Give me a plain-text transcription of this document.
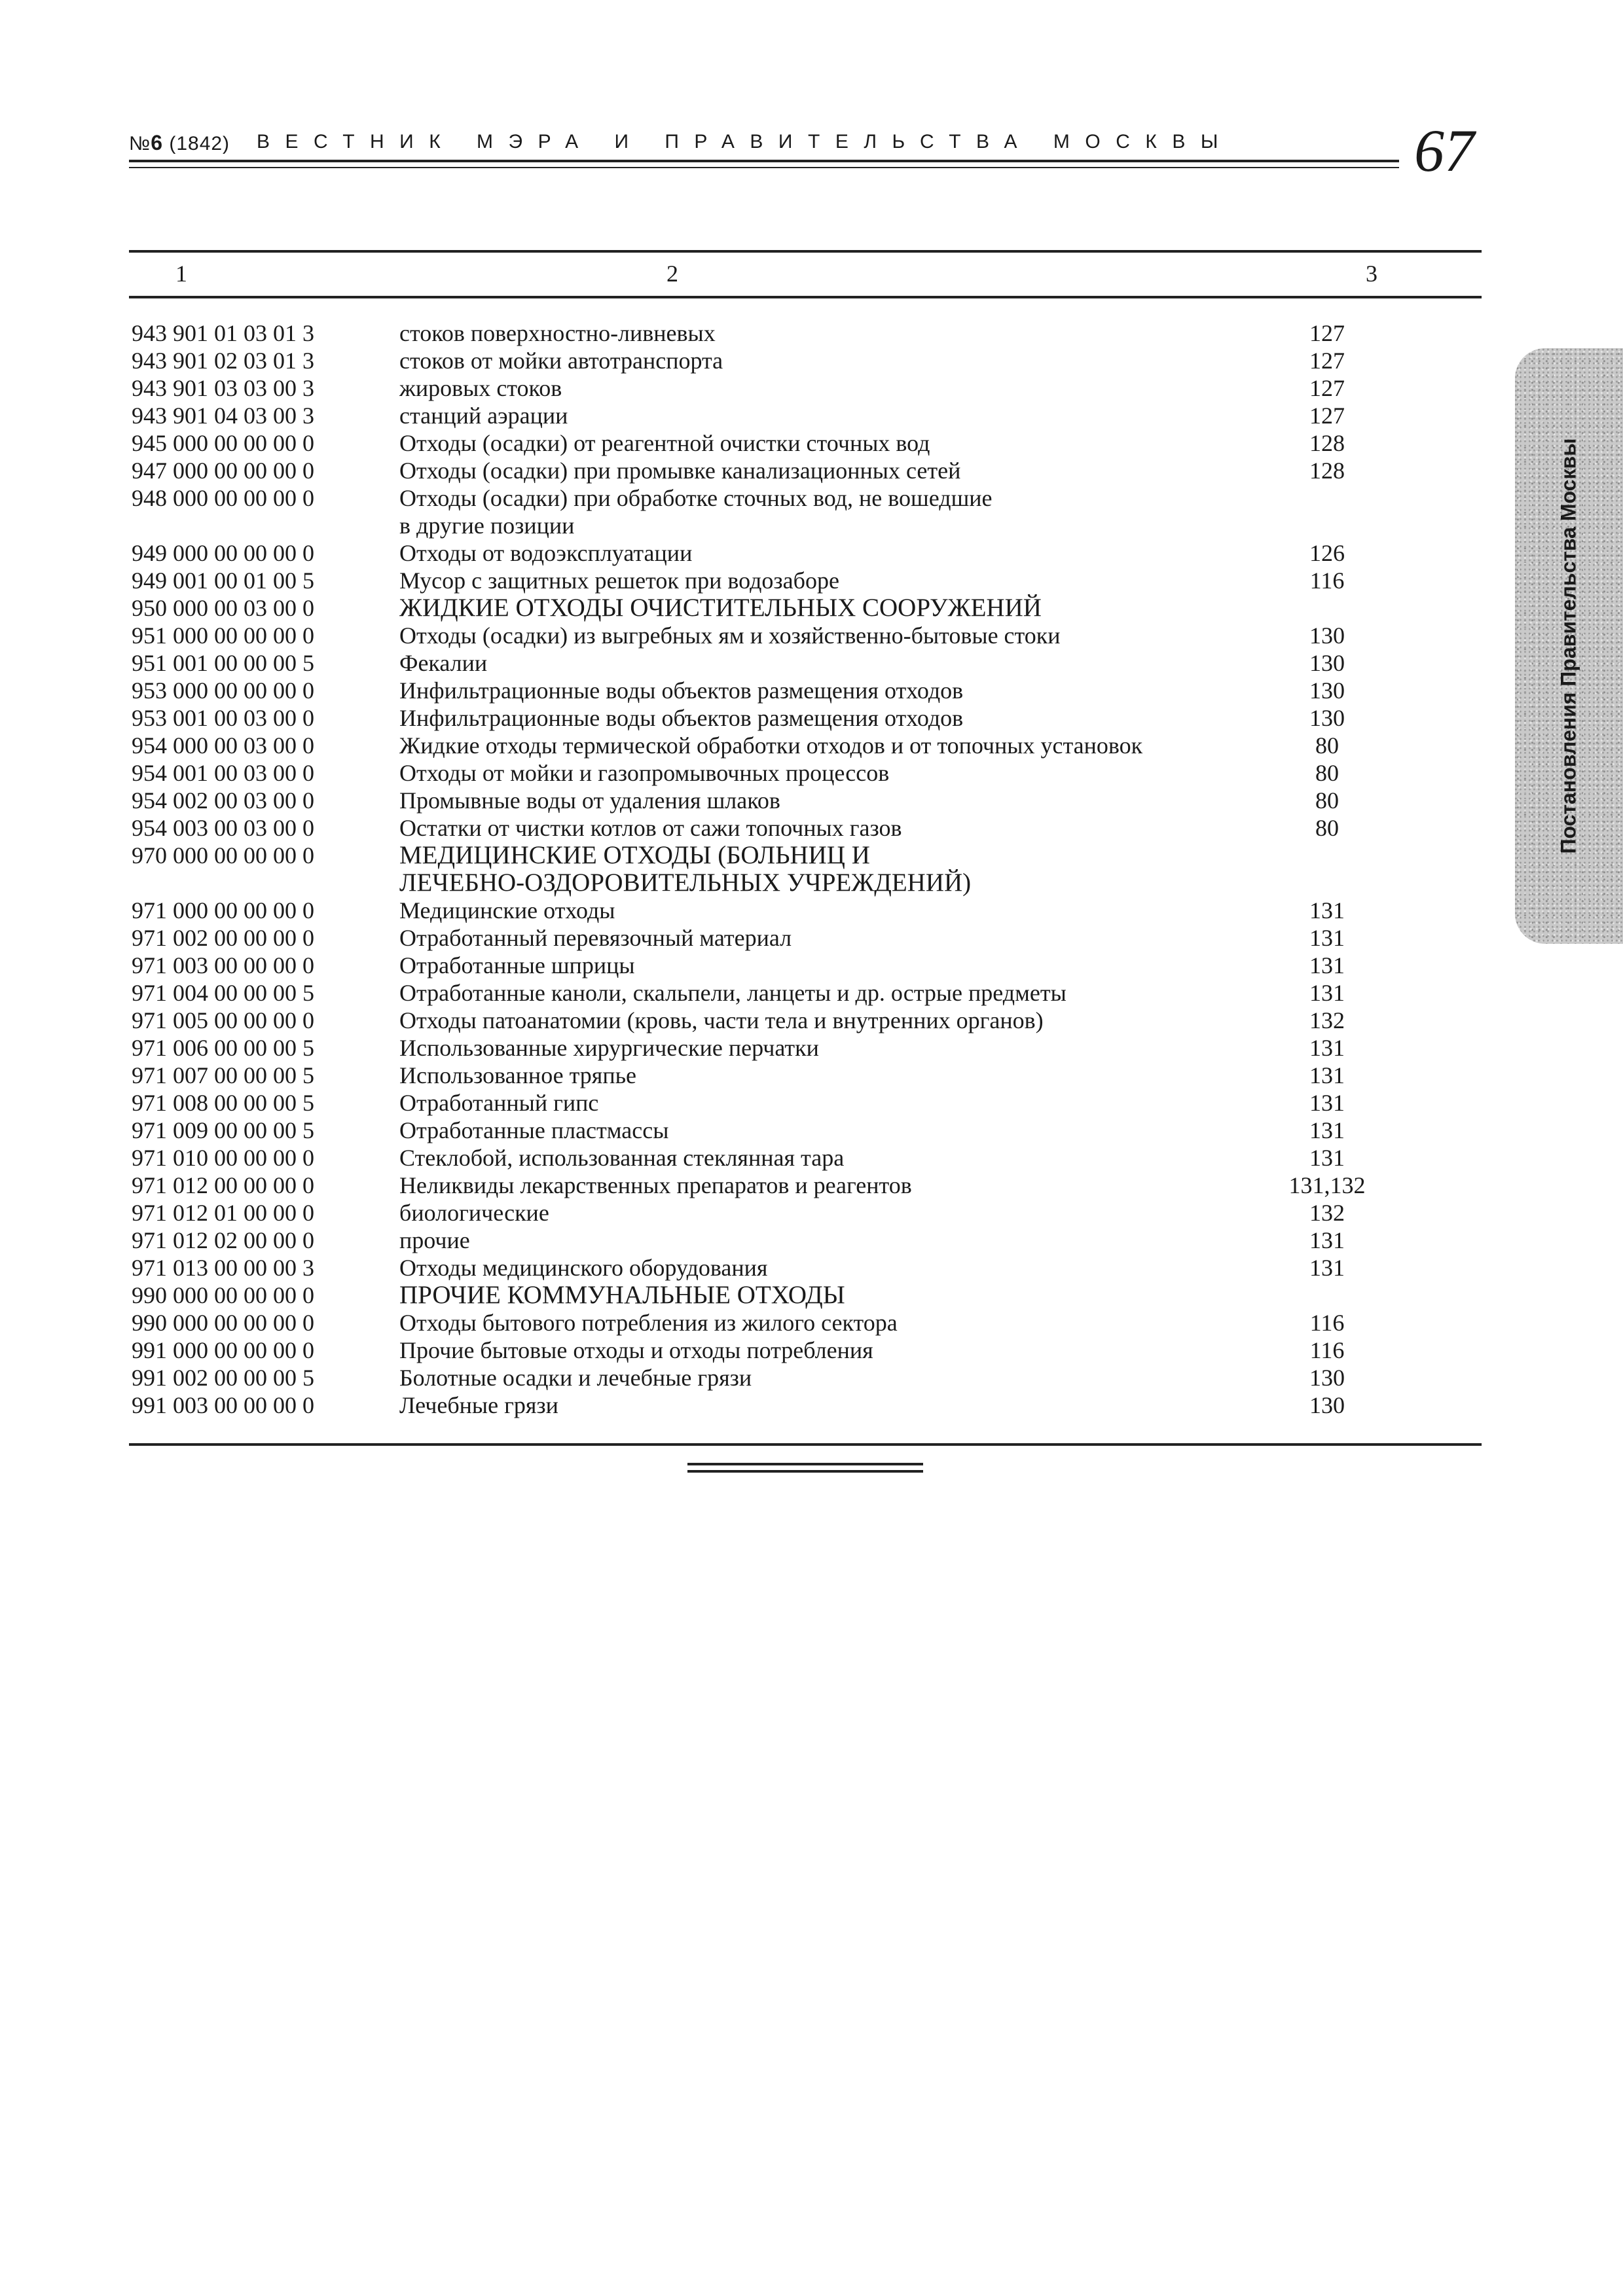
№6 (1842) ВЕСТНИК МЭРА И ПРАВИТЕЛЬСТВА МОСКВЫ	67
Постановления Правительства Москвы
1	2	3
943 901 01 03 01 3	стоков поверхностно-ливневых	127
943 901 02 03 01 3	стоков от мойки автотранспорта	127
943 901 03 03 00 3	жировых стоков	127
943 901 04 03 00 3	станций аэрации	127
945 000 00 00 00 0	Отходы (осадки) от реагентной очистки сточных вод	128
947 000 00 00 00 0	Отходы (осадки) при промывке канализационных сетей	128
948 000 00 00 00 0	Отходы (осадки) при обработке сточных вод, не вошедшие
в другие позиции
949 000 00 00 00 0	Отходы от водоэксплуатации	126
949 001 00 01 00 5	Мусор с защитных решеток при водозаборе	116
950 000 00 03 00 0	ЖИДКИЕ ОТХОДЫ ОЧИСТИТЕЛЬНЫХ СООРУЖЕНИЙ
951 000 00 00 00 0	Отходы (осадки) из выгребных ям и хозяйственно-бытовые стоки	130
951 001 00 00 00 5	Фекалии	130
953 000 00 00 00 0	Инфильтрационные воды объектов размещения отходов	130
953 001 00 03 00 0	Инфильтрационные воды объектов размещения отходов	130
954 000 00 03 00 0	Жидкие отходы термической обработки отходов и от топочных установок	80
954 001 00 03 00 0	Отходы от мойки и газопромывочных процессов	80
954 002 00 03 00 0	Промывные воды от удаления шлаков	80
954 003 00 03 00 0	Остатки от чистки котлов от сажи топочных газов	80
970 000 00 00 00 0	МЕДИЦИНСКИЕ ОТХОДЫ (БОЛЬНИЦ И
ЛЕЧЕБНО-ОЗДОРОВИТЕЛЬНЫХ УЧРЕЖДЕНИЙ)
971 000 00 00 00 0	Медицинские отходы	131
971 002 00 00 00 0	Отработанный перевязочный материал	131
971 003 00 00 00 0	Отработанные шприцы	131
971 004 00 00 00 5	Отработанные каноли, скальпели, ланцеты и др. острые предметы	131
971 005 00 00 00 0	Отходы патоанатомии (кровь, части тела и внутренних органов)	132
971 006 00 00 00 5	Использованные хирургические перчатки	131
971 007 00 00 00 5	Использованное тряпье	131
971 008 00 00 00 5	Отработанный гипс	131
971 009 00 00 00 5	Отработанные пластмассы	131
971 010 00 00 00 0	Стеклобой, использованная стеклянная тара	131
971 012 00 00 00 0	Неликвиды лекарственных препаратов и реагентов	131,132
971 012 01 00 00 0	биологические	132
971 012 02 00 00 0	прочие	131
971 013 00 00 00 3	Отходы медицинского оборудования	131
990 000 00 00 00 0	ПРОЧИЕ КОММУНАЛЬНЫЕ ОТХОДЫ
990 000 00 00 00 0	Отходы бытового потребления из жилого сектора	116
991 000 00 00 00 0	Прочие бытовые отходы и отходы потребления	116
991 002 00 00 00 5	Болотные осадки и лечебные грязи	130
991 003 00 00 00 0	Лечебные грязи	130
